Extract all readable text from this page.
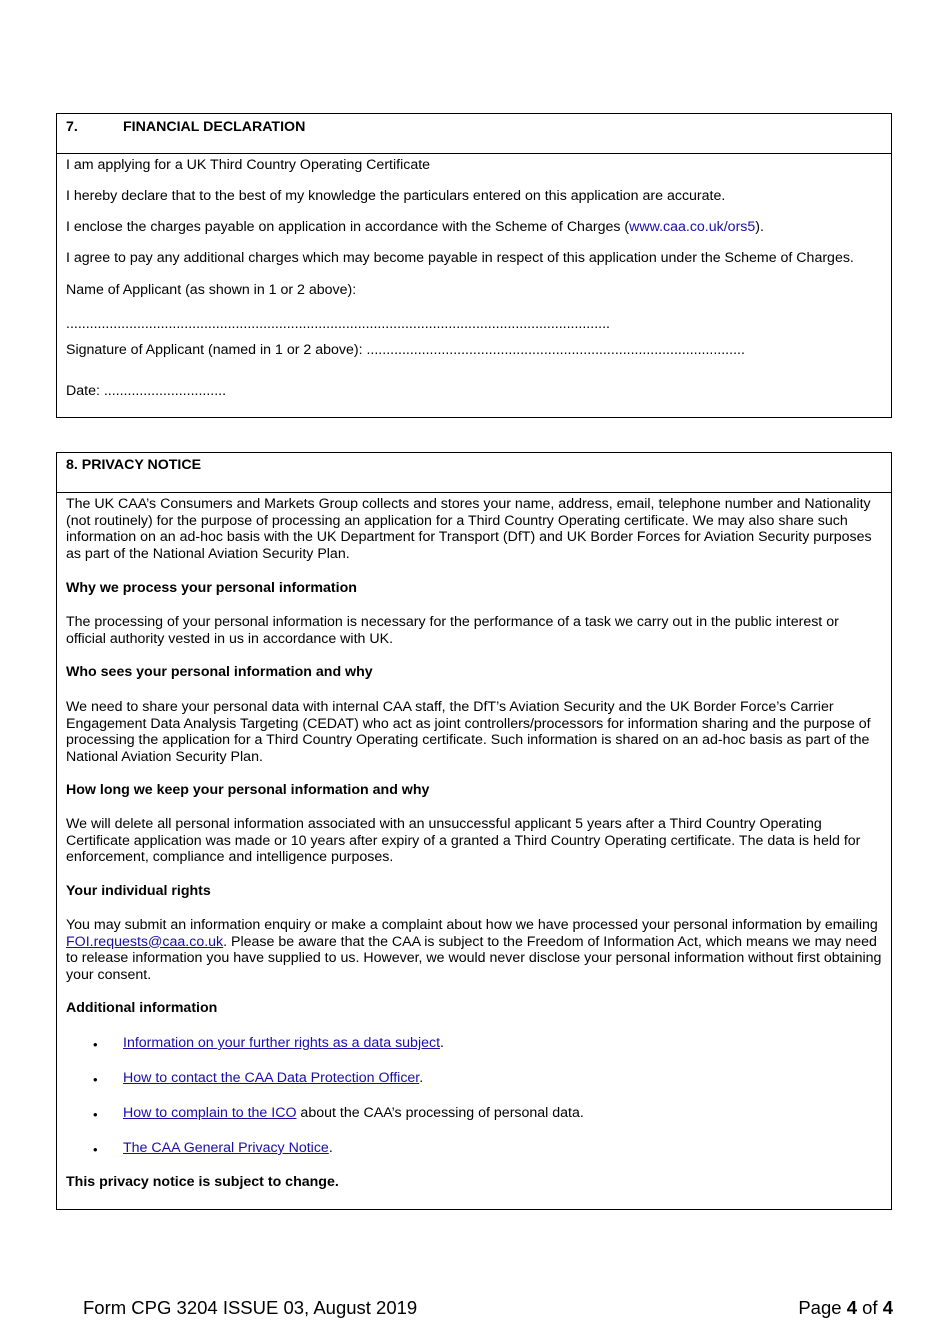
7.	FINANCIAL DECLARATION
I am applying for a UK Third Country Operating Certificate
I hereby declare that to the best of my knowledge the particulars entered on this application are accurate.
I enclose the charges payable on application in accordance with the Scheme of Charges (www.caa.co.uk/ors5).
I agree to pay any additional charges which may become payable in respect of this application under the Scheme of Charges.
Name of Applicant (as shown in 1 or 2 above):
..........................................................................................................................................
Signature of Applicant (named in 1 or 2 above): ................................................................................................
Date: ...............................
8. PRIVACY NOTICE
The UK CAA’s Consumers and Markets Group collects and stores your name, address, email, telephone number and Nationality (not routinely) for the purpose of processing an application for a Third Country Operating certificate. We may also share such information on an ad-hoc basis with the UK Department for Transport (DfT) and UK Border Forces for Aviation Security purposes as part of the National Aviation Security Plan.
Why we process your personal information
The processing of your personal information is necessary for the performance of a task we carry out in the public interest or official authority vested in us in accordance with UK.
Who sees your personal information and why
We need to share your personal data with internal CAA staff, the DfT’s Aviation Security and the UK Border Force’s Carrier Engagement Data Analysis Targeting (CEDAT) who act as joint controllers/processors for information sharing and the purpose of processing the application for a Third Country Operating certificate. Such information is shared on an ad-hoc basis as part of the National Aviation Security Plan.
How long we keep your personal information and why
We will delete all personal information associated with an unsuccessful applicant 5 years after a Third Country Operating Certificate application was made or 10 years after expiry of a granted a Third Country Operating certificate. The data is held for enforcement, compliance and intelligence purposes.
Your individual rights
You may submit an information enquiry or make a complaint about how we have processed your personal information by emailing FOI.requests@caa.co.uk. Please be aware that the CAA is subject to the Freedom of Information Act, which means we may need to release information you have supplied to us. However, we would never disclose your personal information without first obtaining your consent.
Additional information
• Information on your further rights as a data subject.
• How to contact the CAA Data Protection Officer.
• How to complain to the ICO about the CAA’s processing of personal data.
• The CAA General Privacy Notice.
This privacy notice is subject to change.
Form CPG 3204 ISSUE 03, August 2019	Page 4 of 4
